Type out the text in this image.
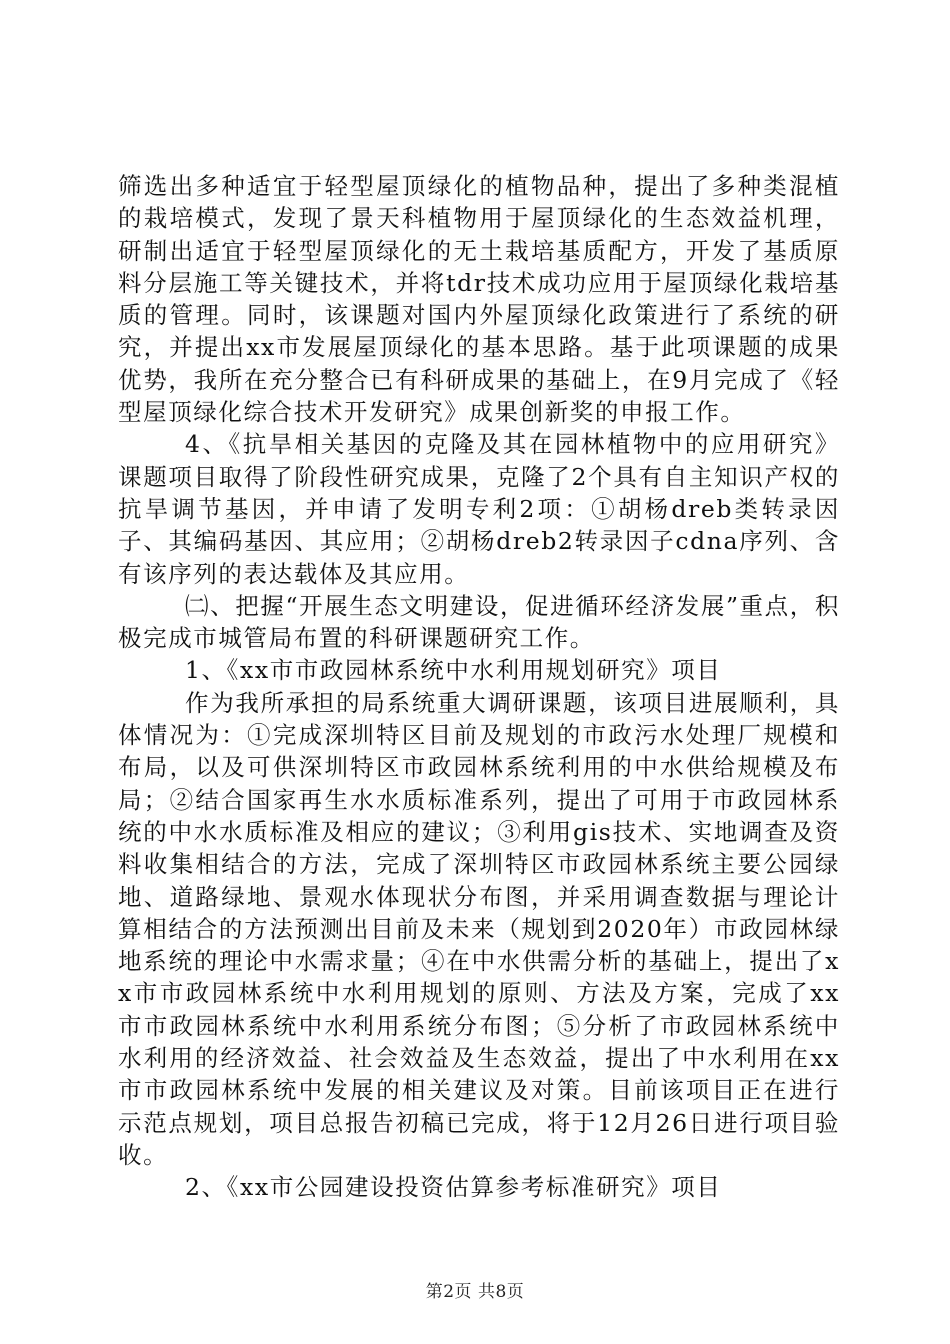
筛选出多种适宜于轻型屋顶绿化的植物品种，提出了多种类混植的栽培模式，发现了景天科植物用于屋顶绿化的生态效益机理，研制出适宜于轻型屋顶绿化的无土栽培基质配方，开发了基质原料分层施工等关键技术，并将tdr技术成功应用于屋顶绿化栽培基质的管理。同时，该课题对国内外屋顶绿化政策进行了系统的研究，并提出xx市发展屋顶绿化的基本思路。基于此项课题的成果优势，我所在充分整合已有科研成果的基础上，在9月完成了《轻型屋顶绿化综合技术开发研究》成果创新奖的申报工作。

4、《抗旱相关基因的克隆及其在园林植物中的应用研究》课题项目取得了阶段性研究成果，克隆了2个具有自主知识产权的抗旱调节基因，并申请了发明专利2项：①胡杨dreb类转录因子、其编码基因、其应用；②胡杨dreb2转录因子cdna序列、含有该序列的表达载体及其应用。

㈡、把握“开展生态文明建设，促进循环经济发展”重点，积极完成市城管局布置的科研课题研究工作。

1、《xx市市政园林系统中水利用规划研究》项目

作为我所承担的局系统重大调研课题，该项目进展顺利，具体情况为：①完成深圳特区目前及规划的市政污水处理厂规模和布局，以及可供深圳特区市政园林系统利用的中水供给规模及布局；②结合国家再生水水质标准系列，提出了可用于市政园林系统的中水水质标准及相应的建议；③利用gis技术、实地调查及资料收集相结合的方法，完成了深圳特区市政园林系统主要公园绿地、道路绿地、景观水体现状分布图，并采用调查数据与理论计算相结合的方法预测出目前及未来（规划到2020年）市政园林绿地系统的理论中水需求量；④在中水供需分析的基础上，提出了xx市市政园林系统中水利用规划的原则、方法及方案，完成了xx市市政园林系统中水利用系统分布图；⑤分析了市政园林系统中水利用的经济效益、社会效益及生态效益，提出了中水利用在xx市市政园林系统中发展的相关建议及对策。目前该项目正在进行示范点规划，项目总报告初稿已完成，将于12月26日进行项目验收。

2、《xx市公园建设投资估算参考标准研究》项目

第2页 共8页
